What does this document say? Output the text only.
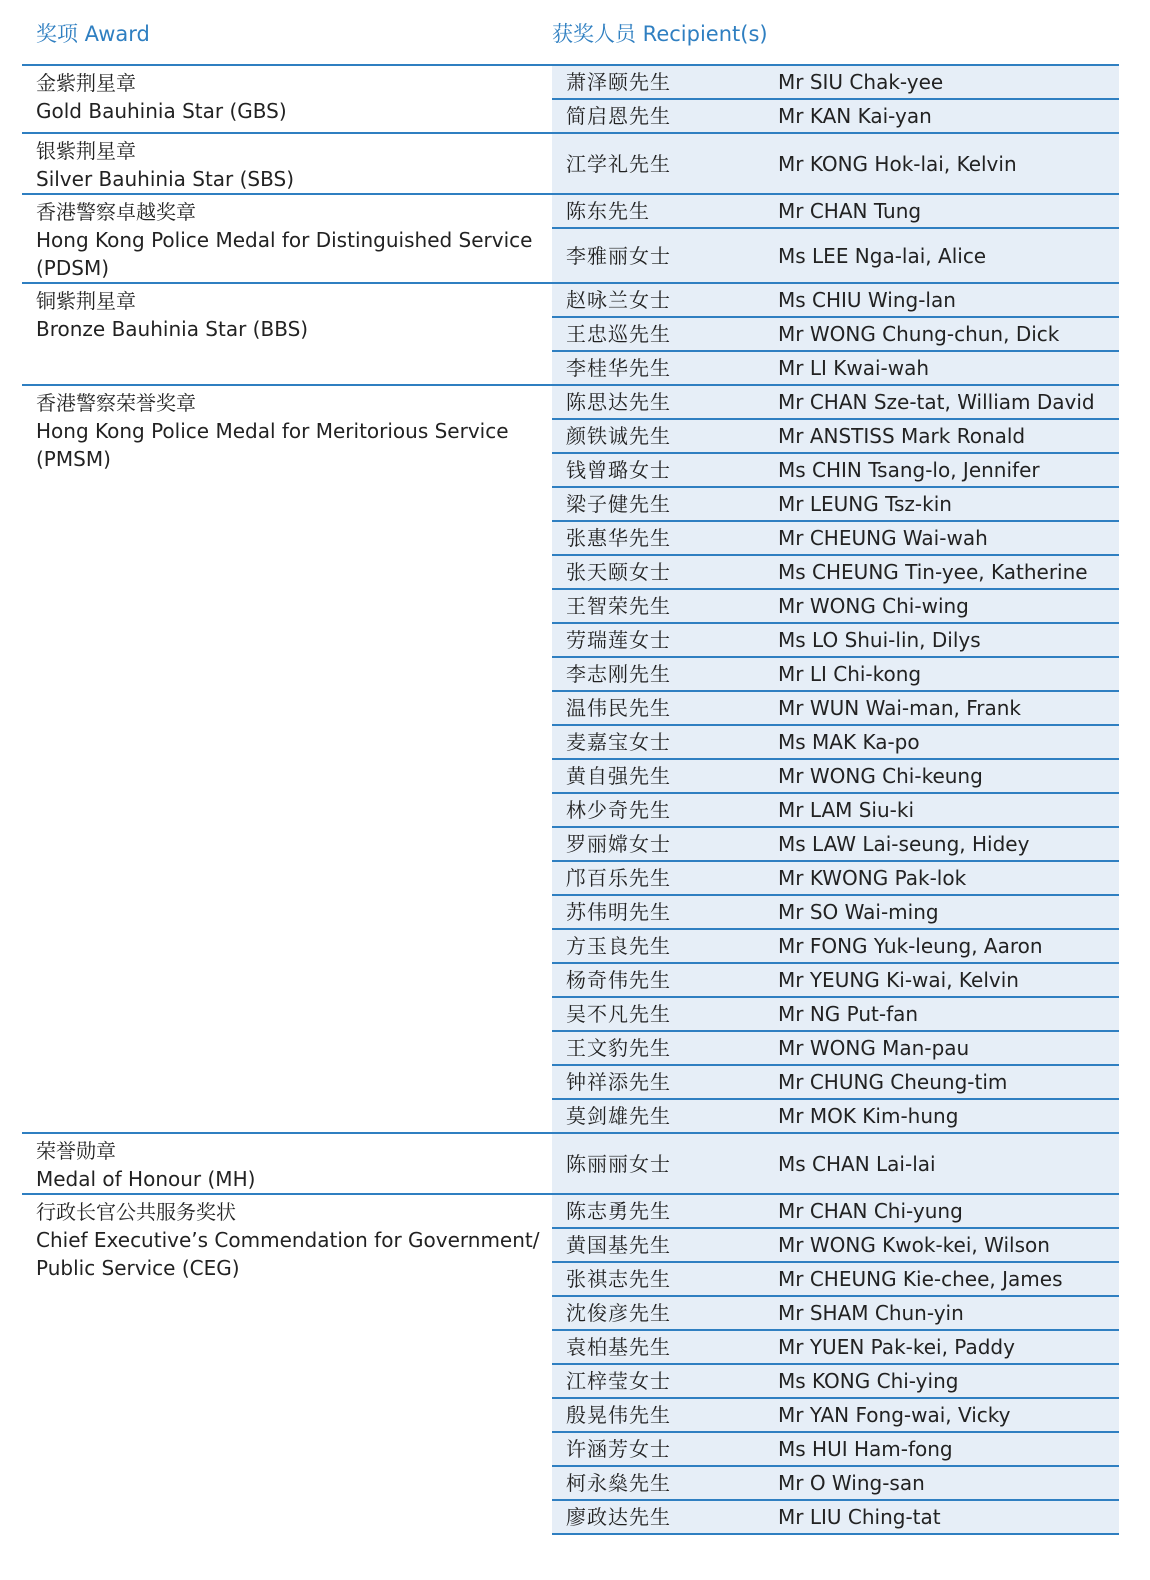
奖项 Award	获奖人员 Recipient(s)
金紫荆星章
Gold Bauhinia Star (GBS)	萧泽颐先生	Mr SIU Chak-yee
	简启恩先生	Mr KAN Kai-yan

银紫荆星章
Silver Bauhinia Star (SBS)	江学礼先生	Mr KONG Hok-lai, Kelvin

香港警察卓越奖章
Hong Kong Police Medal for Distinguished Service (PDSM)	陈东先生	Mr CHAN Tung
	李雅丽女士	Ms LEE Nga-lai, Alice

铜紫荆星章
Bronze Bauhinia Star (BBS)	赵咏兰女士	Ms CHIU Wing-lan
	王忠巡先生	Mr WONG Chung-chun, Dick
	李桂华先生	Mr LI Kwai-wah

香港警察荣誉奖章
Hong Kong Police Medal for Meritorious Service (PMSM)	陈思达先生	Mr CHAN Sze-tat, William David
	颜铁诚先生	Mr ANSTISS Mark Ronald
	钱曾璐女士	Ms CHIN Tsang-lo, Jennifer
	梁子健先生	Mr LEUNG Tsz-kin
	张惠华先生	Mr CHEUNG Wai-wah
	张天颐女士	Ms CHEUNG Tin-yee, Katherine
	王智荣先生	Mr WONG Chi-wing
	劳瑞莲女士	Ms LO Shui-lin, Dilys
	李志刚先生	Mr LI Chi-kong
	温伟民先生	Mr WUN Wai-man, Frank
	麦嘉宝女士	Ms MAK Ka-po
	黄自强先生	Mr WONG Chi-keung
	林少奇先生	Mr LAM Siu-ki
	罗丽嫦女士	Ms LAW Lai-seung, Hidey
	邝百乐先生	Mr KWONG Pak-lok
	苏伟明先生	Mr SO Wai-ming
	方玉良先生	Mr FONG Yuk-leung, Aaron
	杨奇伟先生	Mr YEUNG Ki-wai, Kelvin
	吴不凡先生	Mr NG Put-fan
	王文豹先生	Mr WONG Man-pau
	钟祥添先生	Mr CHUNG Cheung-tim
	莫剑雄先生	Mr MOK Kim-hung

荣誉勋章
Medal of Honour (MH)	陈丽丽女士	Ms CHAN Lai-lai

行政长官公共服务奖状
Chief Executive’s Commendation for Government/ Public Service (CEG)	陈志勇先生	Mr CHAN Chi-yung
	黄国基先生	Mr WONG Kwok-kei, Wilson
	张祺志先生	Mr CHEUNG Kie-chee, James
	沈俊彦先生	Mr SHAM Chun-yin
	袁柏基先生	Mr YUEN Pak-kei, Paddy
	江梓莹女士	Ms KONG Chi-ying
	殷晃伟先生	Mr YAN Fong-wai, Vicky
	许涵芳女士	Ms HUI Ham-fong
	柯永燊先生	Mr O Wing-san
	廖政达先生	Mr LIU Ching-tat
